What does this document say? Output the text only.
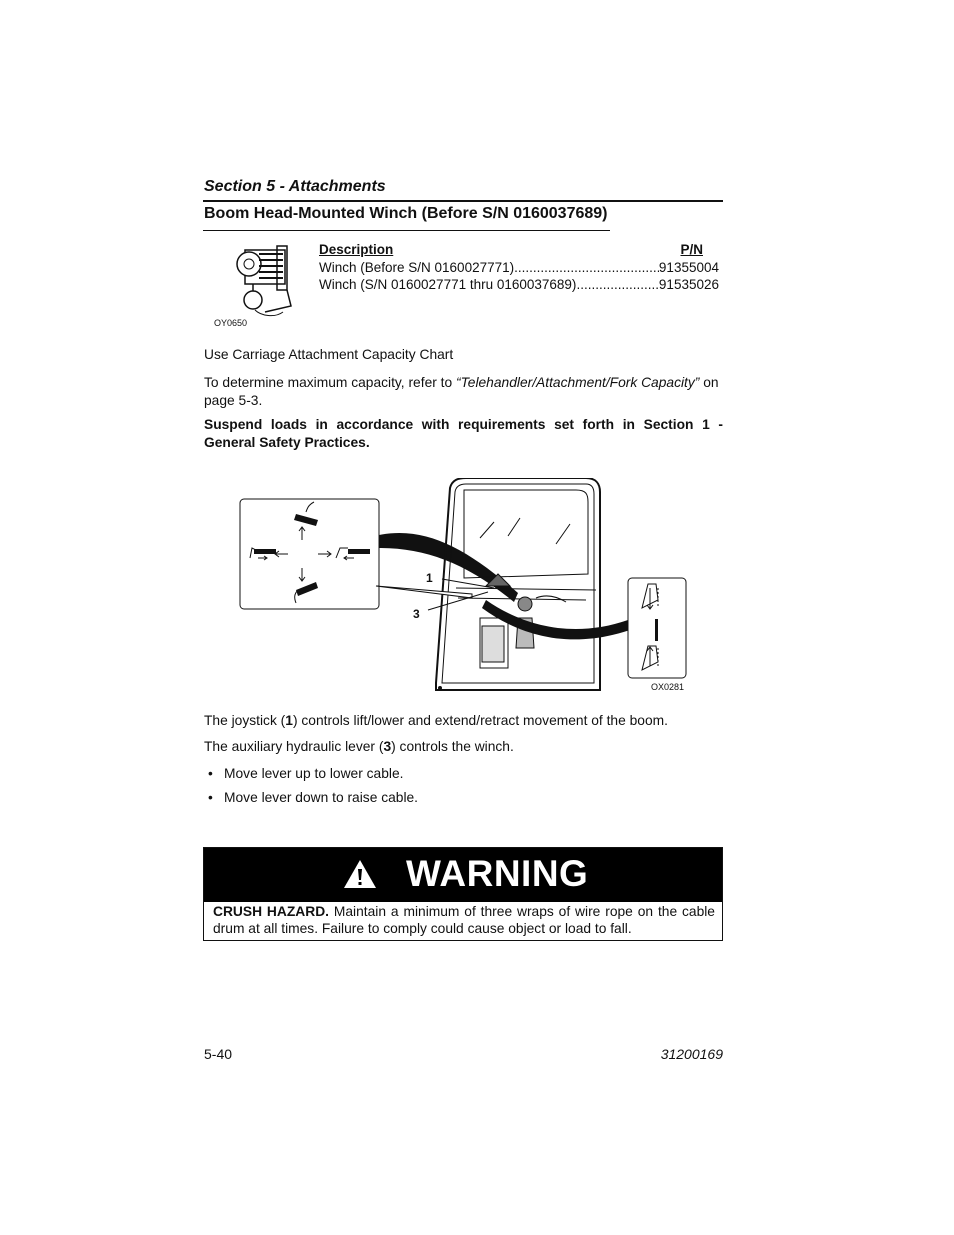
Section 5 - Attachments
Boom Head-Mounted Winch (Before S/N 0160037689)
OY0650
Description	P/N
Winch (Before S/N 0160027771) .....	91355004
Winch (S/N 0160027771 thru 0160037689) .....	91535026
Use Carriage Attachment Capacity Chart
To determine maximum capacity, refer to “Telehandler/Attachment/Fork Capacity” on page 5-3.
Suspend loads in accordance with requirements set forth in Section 1 - General Safety Practices.
1
3
OX0281
The joystick (1) controls lift/lower and extend/retract movement of the boom.
The auxiliary hydraulic lever (3) controls the winch.
• Move lever up to lower cable.
• Move lever down to raise cable.
WARNING
CRUSH HAZARD. Maintain a minimum of three wraps of wire rope on the cable drum at all times. Failure to comply could cause object or load to fall.
5-40	31200169
